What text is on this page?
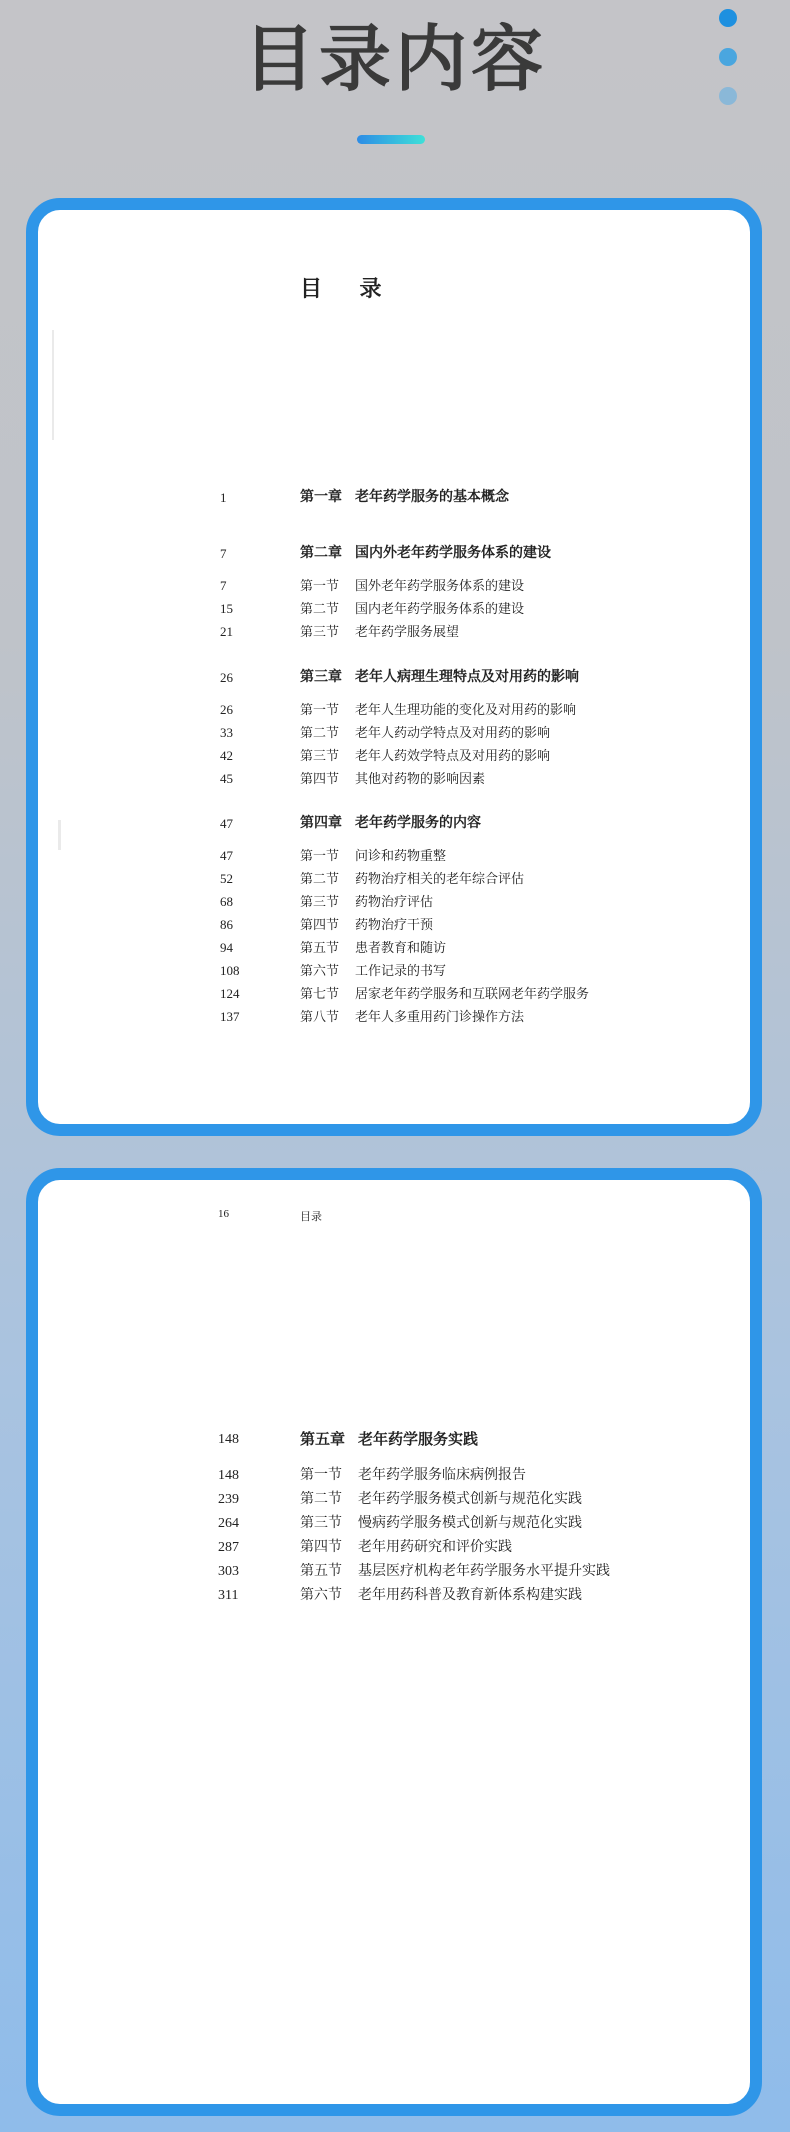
目录内容
目 录
1	第一章 老年药学服务的基本概念
7	第二章 国内外老年药学服务体系的建设
7	第一节 国外老年药学服务体系的建设
15	第二节 国内老年药学服务体系的建设
21	第三节 老年药学服务展望
26	第三章 老年人病理生理特点及对用药的影响
26	第一节 老年人生理功能的变化及对用药的影响
33	第二节 老年人药动学特点及对用药的影响
42	第三节 老年人药效学特点及对用药的影响
45	第四节 其他对药物的影响因素
47	第四章 老年药学服务的内容
47	第一节 问诊和药物重整
52	第二节 药物治疗相关的老年综合评估
68	第三节 药物治疗评估
86	第四节 药物治疗干预
94	第五节 患者教育和随访
108	第六节 工作记录的书写
124	第七节 居家老年药学服务和互联网老年药学服务
137	第八节 老年人多重用药门诊操作方法
16	目录
148	第五章 老年药学服务实践
148	第一节 老年药学服务临床病例报告
239	第二节 老年药学服务模式创新与规范化实践
264	第三节 慢病药学服务模式创新与规范化实践
287	第四节 老年用药研究和评价实践
303	第五节 基层医疗机构老年药学服务水平提升实践
311	第六节 老年用药科普及教育新体系构建实践
